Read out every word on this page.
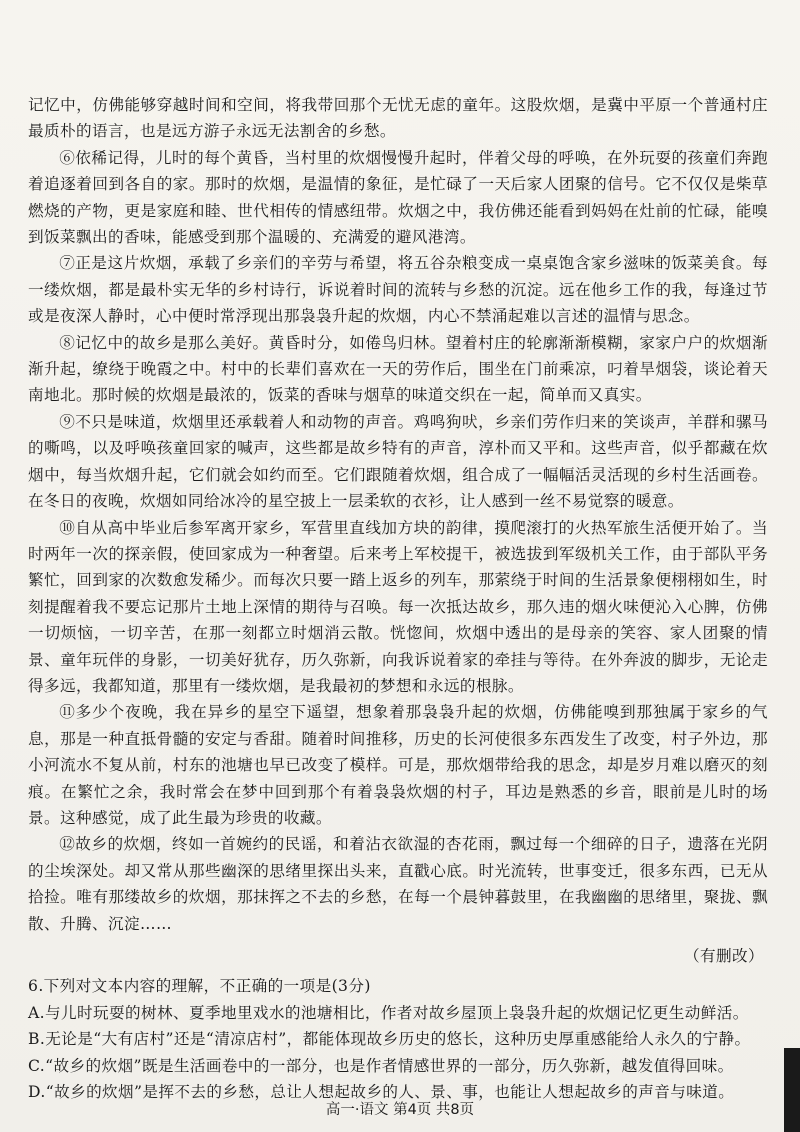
记忆中，仿佛能够穿越时间和空间，将我带回那个无忧无虑的童年。这股炊烟，是冀中平原一个普通村庄最质朴的语言，也是远方游子永远无法割舍的乡愁。

⑥依稀记得，儿时的每个黄昏，当村里的炊烟慢慢升起时，伴着父母的呼唤，在外玩耍的孩童们奔跑着追逐着回到各自的家。那时的炊烟，是温情的象征，是忙碌了一天后家人团聚的信号。它不仅仅是柴草燃烧的产物，更是家庭和睦、世代相传的情感纽带。炊烟之中，我仿佛还能看到妈妈在灶前的忙碌，能嗅到饭菜飘出的香味，能感受到那个温暖的、充满爱的避风港湾。

⑦正是这片炊烟，承载了乡亲们的辛劳与希望，将五谷杂粮变成一桌桌饱含家乡滋味的饭菜美食。每一缕炊烟，都是最朴实无华的乡村诗行，诉说着时间的流转与乡愁的沉淀。远在他乡工作的我，每逢过节或是夜深人静时，心中便时常浮现出那袅袅升起的炊烟，内心不禁涌起难以言述的温情与思念。

⑧记忆中的故乡是那么美好。黄昏时分，如倦鸟归林。望着村庄的轮廓渐渐模糊，家家户户的炊烟渐渐升起，缭绕于晚霞之中。村中的长辈们喜欢在一天的劳作后，围坐在门前乘凉，叼着旱烟袋，谈论着天南地北。那时候的炊烟是最浓的，饭菜的香味与烟草的味道交织在一起，简单而又真实。

⑨不只是味道，炊烟里还承载着人和动物的声音。鸡鸣狗吠，乡亲们劳作归来的笑谈声，羊群和骡马的嘶鸣，以及呼唤孩童回家的喊声，这些都是故乡特有的声音，淳朴而又平和。这些声音，似乎都藏在炊烟中，每当炊烟升起，它们就会如约而至。它们跟随着炊烟，组合成了一幅幅活灵活现的乡村生活画卷。在冬日的夜晚，炊烟如同给冰冷的星空披上一层柔软的衣衫，让人感到一丝不易觉察的暖意。

⑩自从高中毕业后参军离开家乡，军营里直线加方块的韵律，摸爬滚打的火热军旅生活便开始了。当时两年一次的探亲假，使回家成为一种奢望。后来考上军校提干，被选拔到军级机关工作，由于部队平务繁忙，回到家的次数愈发稀少。而每次只要一踏上返乡的列车，那萦绕于时间的生活景象便栩栩如生，时刻提醒着我不要忘记那片土地上深情的期待与召唤。每一次抵达故乡，那久违的烟火味便沁入心脾，仿佛一切烦恼，一切辛苦，在那一刻都立时烟消云散。恍惚间，炊烟中透出的是母亲的笑容、家人团聚的情景、童年玩伴的身影，一切美好犹存，历久弥新，向我诉说着家的牵挂与等待。在外奔波的脚步，无论走得多远，我都知道，那里有一缕炊烟，是我最初的梦想和永远的根脉。

⑪多少个夜晚，我在异乡的星空下遥望，想象着那袅袅升起的炊烟，仿佛能嗅到那独属于家乡的气息，那是一种直抵骨髓的安定与香甜。随着时间推移，历史的长河使很多东西发生了改变，村子外边，那小河流水不复从前，村东的池塘也早已改变了模样。可是，那炊烟带给我的思念，却是岁月难以磨灭的刻痕。在繁忙之余，我时常会在梦中回到那个有着袅袅炊烟的村子，耳边是熟悉的乡音，眼前是儿时的场景。这种感觉，成了此生最为珍贵的收藏。

⑫故乡的炊烟，终如一首婉约的民谣，和着沾衣欲湿的杏花雨，飘过每一个细碎的日子，遗落在光阴的尘埃深处。却又常从那些幽深的思绪里探出头来，直戳心底。时光流转，世事变迁，很多东西，已无从拾捡。唯有那缕故乡的炊烟，那抹挥之不去的乡愁，在每一个晨钟暮鼓里，在我幽幽的思绪里，聚拢、飘散、升腾、沉淀……

（有删改）

6.下列对文本内容的理解，不正确的一项是(3分)

A.与儿时玩耍的树林、夏季地里戏水的池塘相比，作者对故乡屋顶上袅袅升起的炊烟记忆更生动鲜活。

B.无论是“大有店村”还是“清凉店村”，都能体现故乡历史的悠长，这种历史厚重感能给人永久的宁静。

C.“故乡的炊烟”既是生活画卷中的一部分，也是作者情感世界的一部分，历久弥新，越发值得回味。

D.“故乡的炊烟”是挥不去的乡愁，总让人想起故乡的人、景、事，也能让人想起故乡的声音与味道。

高一·语文 第4页 共8页
